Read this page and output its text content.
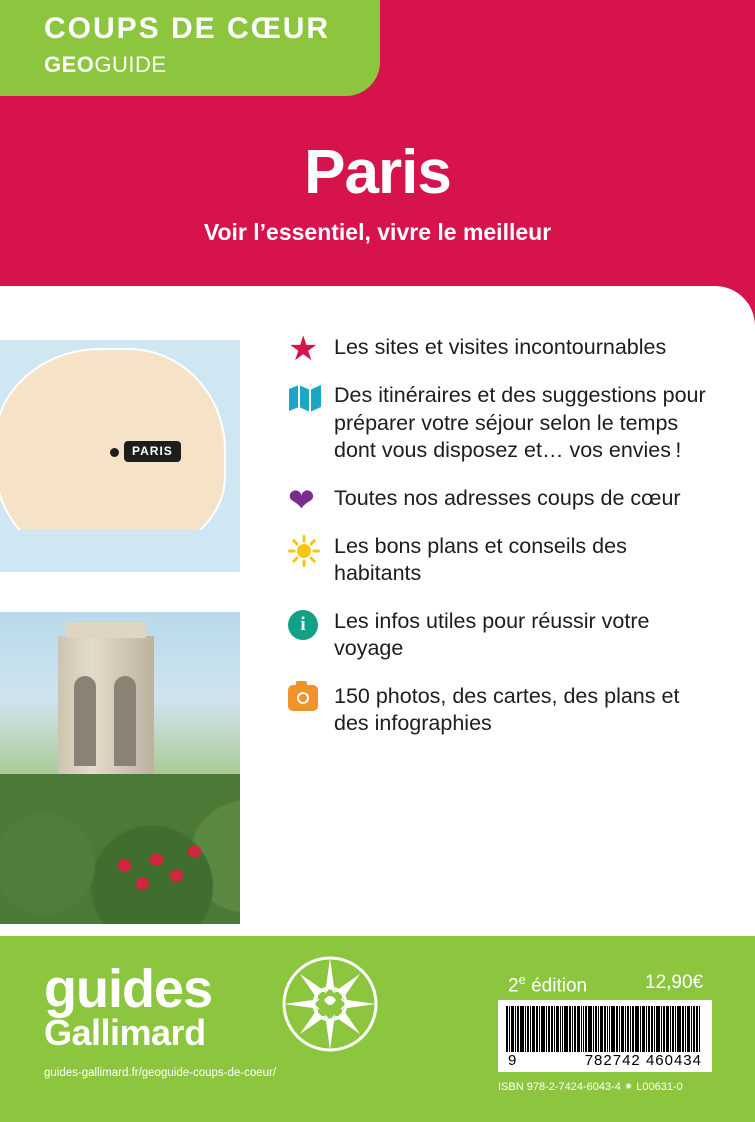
COUPS DE CŒUR
GEOGUIDE
Paris
Voir l’essentiel, vivre le meilleur
PARIS
★ Les sites et visites incontournables
Des itinéraires et des suggestions pour préparer votre séjour selon le temps dont vous disposez et… vos envies !
❤ Toutes nos adresses coups de cœur
Les bons plans et conseils des habitants
i	Les infos utiles pour réussir votre voyage
150 photos, des cartes, des plans et des infographies
guides
Gallimard
guides-gallimard.fr/geoguide-coups-de-coeur/
2e édition	12,90€
9	782742 460434
ISBN 978-2-7424-6043-4 ⁕ L00631-0
